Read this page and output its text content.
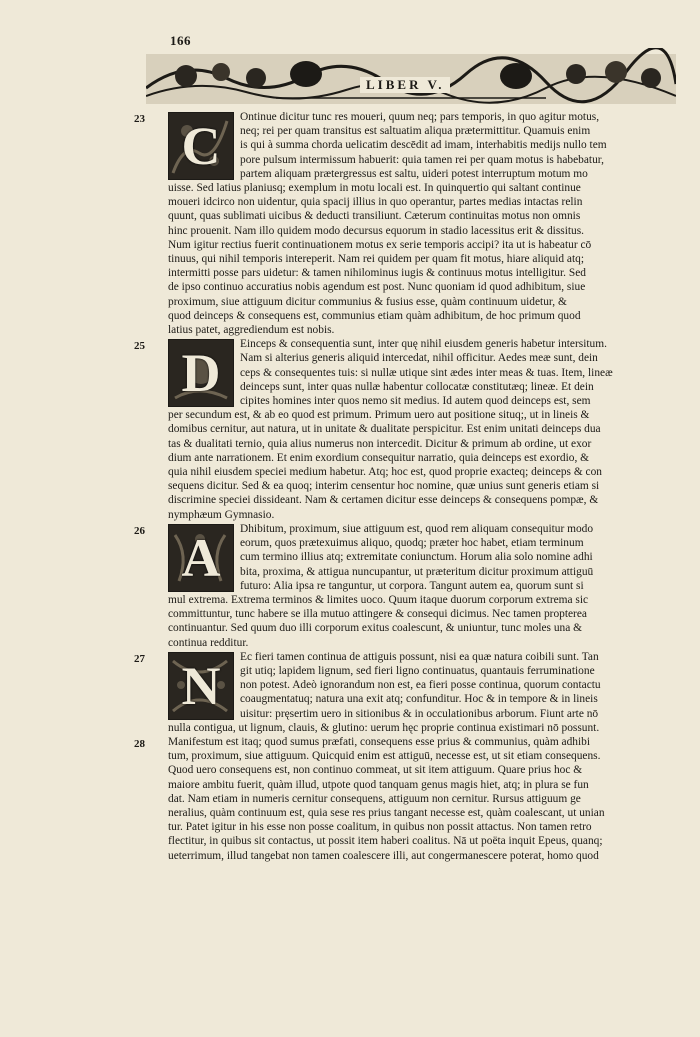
166
LIBER V.
23 C Ontinue dicitur tunc res moueri, quum neq; pars temporis, in quo agitur motus,
neq; rei per quam transitus est saltuatim aliqua prætermittitur. Quamuis enim
is qui à summa chorda uelicatim descēdit ad imam, interhabitis medijs nullo tem
pore pulsum intermissum habuerit: quia tamen rei per quam motus is habebatur,
partem aliquam prætergressus est saltu, uideri potest interruptum motum mo
uisse. Sed latius planiusq; exemplum in motu locali est. In quinquertio qui saltant continue
moueri idcirco non uidentur, quia spacij illius in quo operantur, partes medias intactas relin
quunt, quas sublimati uicibus & deducti transiliunt. Cæterum continuitas motus non omnis
hinc prouenit. Nam illo quidem modo decursus equorum in stadio lacessitus erit & dissitus.
Num igitur rectius fuerit continuationem motus ex serie temporis accipi? ita ut is habeatur cō
tinuus, qui nihil temporis intereperit. Nam rei quidem per quam fit motus, hiare aliquid atq;
intermitti posse pars uidetur: & tamen nihilominus iugis & continuus motus intelligitur. Sed
de ipso continuo accuratius nobis agendum est post. Nunc quoniam id quod adhibitum, siue
proximum, siue attiguum dicitur communius & fusius esse, quàm continuum uidetur, &
quod deinceps & consequens est, communius etiam quàm adhibitum, de hoc primum quod
latius patet, aggrediendum est nobis.

25 D Einceps & consequentia sunt, inter quę nihil eiusdem generis habetur intersitum.
Nam si alterius generis aliquid intercedat, nihil officitur. Aedes meæ sunt, dein
ceps & consequentes tuis: si nullæ utique sint ædes inter meas & tuas. Item, lineæ
deinceps sunt, inter quas nullæ habentur collocatæ constitutæq; lineæ. Et dein
cipites homines inter quos nemo sit medius. Id autem quod deinceps est, sem
per secundum est, & ab eo quod est primum. Primum uero aut positione situq;, ut in lineis &
domibus cernitur, aut natura, ut in unitate & dualitate perspicitur. Est enim unitati deinceps dua
tas & dualitati ternio, quia alius numerus non intercedit. Dicitur & primum ab ordine, ut exor
dium ante narrationem. Et enim exordium consequitur narratio, quia deinceps est exordio, &
quia nihil eiusdem speciei medium habetur. Atq; hoc est, quod proprie exacteq; deinceps & con
sequens dicitur. Sed & ea quoq; interim censentur hoc nomine, quæ unius sunt generis etiam si
discrimine speciei dissideant. Nam & certamen dicitur esse deinceps & consequens pompæ, &
nymphæum Gymnasio.

26 A Dhibitum, proximum, siue attiguum est, quod rem aliquam consequitur modo
eorum, quos prætexuimus aliquo, quodq; præter hoc habet, etiam terminum
cum termino illius atq; extremitate coniunctum. Horum alia solo nomine adhi
bita, proxima, & attigua nuncupantur, ut præteritum dicitur proximum attiguū
futuro: Alia ipsa re tanguntur, ut corpora. Tangunt autem ea, quorum sunt si
mul extrema. Extrema terminos & limites uoco. Quum itaque duorum corporum extrema sic
committuntur, tunc habere se illa mutuo attingere & consequi dicimus. Nec tamen propterea
continuantur. Sed quum duo illi corporum exitus coalescunt, & uniuntur, tunc moles una &
continua redditur.

27 N Ec fieri tamen continua de attiguis possunt, nisi ea quæ natura coibili sunt. Tan
git utiq; lapidem lignum, sed fieri ligno continuatus, quantauis ferruminatione
non potest. Adeò ignorandum non est, ea fieri posse continua, quorum contactu
coaugmentatuq; natura una exit atq; confunditur. Hoc & in tempore & in lineis
uisitur: pręsertim uero in sitionibus & in occulationibus arborum. Fiunt arte nō
nulla contigua, ut lignum, clauis, & glutino: uerum hęc proprie continua existimari nō possunt.

28 Manifestum est itaq; quod sumus præfati, consequens esse prius & communius, quàm adhibi
tum, proximum, siue attiguum. Quicquid enim est attiguū, necesse est, ut sit etiam consequens.
Quod uero consequens est, non continuo commeat, ut sit item attiguum. Quare prius hoc &
maiore ambitu fuerit, quàm illud, utpote quod tanquam genus magis hiet, atq; in plura se fun
dat. Nam etiam in numeris cernitur consequens, attiguum non cernitur. Rursus attiguum ge
neralius, quàm continuum est, quia sese res prius tangant necesse est, quàm coalescant, ut unian
tur. Patet igitur in his esse non posse coalitum, in quibus non possit attactus. Non tamen retro
flectitur, in quibus sit contactus, ut possit item haberi coalitus. Nā ut poëta inquit Epeus, quanq;
ueterrimum, illud tangebat non tamen coalescere illi, aut congermanescere poterat, homo quod
